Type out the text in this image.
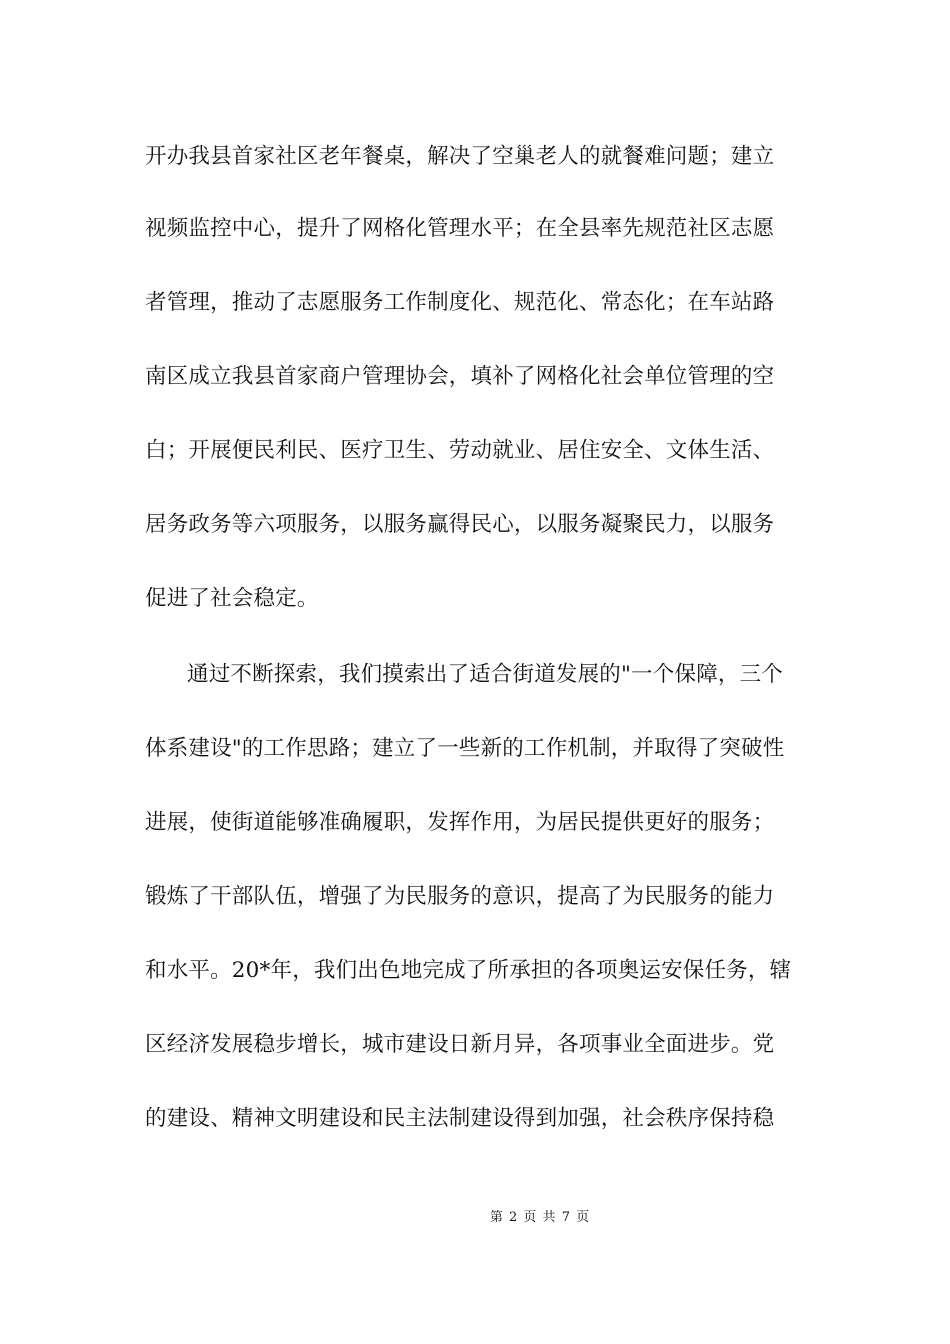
开办我县首家社区老年餐桌，解决了空巢老人的就餐难问题；建立
视频监控中心，提升了网格化管理水平；在全县率先规范社区志愿
者管理，推动了志愿服务工作制度化、规范化、常态化；在车站路
南区成立我县首家商户管理协会，填补了网格化社会单位管理的空
白；开展便民利民、医疗卫生、劳动就业、居住安全、文体生活、
居务政务等六项服务，以服务赢得民心，以服务凝聚民力，以服务
促进了社会稳定。
通过不断探索，我们摸索出了适合街道发展的"一个保障，三个
体系建设"的工作思路；建立了一些新的工作机制，并取得了突破性
进展，使街道能够准确履职，发挥作用，为居民提供更好的服务；
锻炼了干部队伍，增强了为民服务的意识，提高了为民服务的能力
和水平。20*年，我们出色地完成了所承担的各项奥运安保任务，辖
区经济发展稳步增长，城市建设日新月异，各项事业全面进步。党
的建设、精神文明建设和民主法制建设得到加强，社会秩序保持稳
第 2 页 共 7 页
